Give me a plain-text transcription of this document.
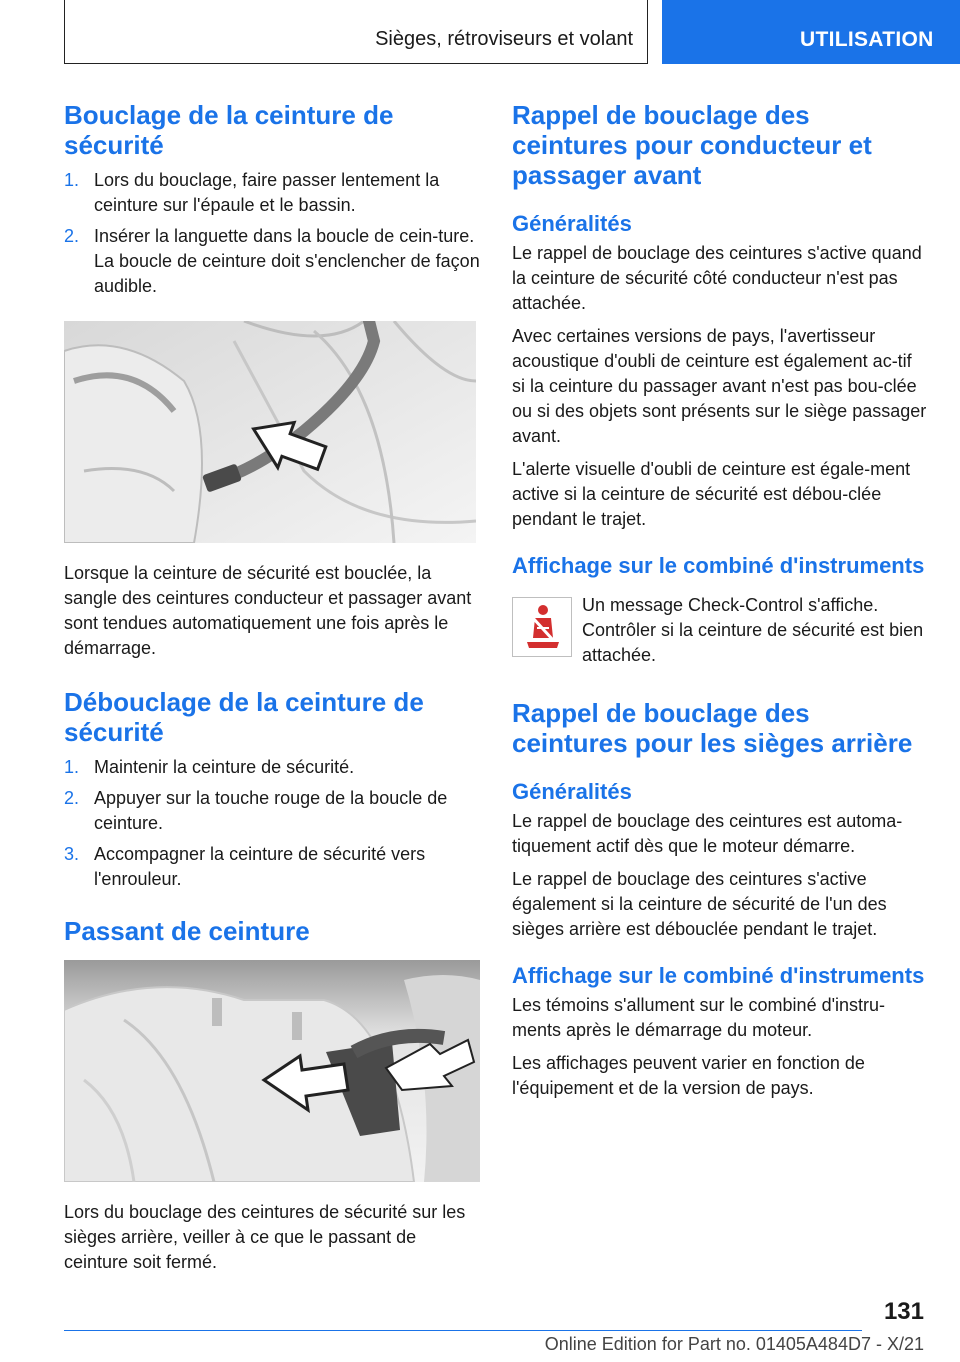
Sièges, rétroviseurs et volant	UTILISATION
Bouclage de la ceinture de sécurité
1. Lors du bouclage, faire passer lentement la ceinture sur l'épaule et le bassin.
2. Insérer la languette dans la boucle de cein‐ture. La boucle de ceinture doit s'enclencher de façon audible.

Lorsque la ceinture de sécurité est bouclée, la sangle des ceintures conducteur et passager avant sont tendues automatiquement une fois après le démarrage.

Débouclage de la ceinture de sécurité
1. Maintenir la ceinture de sécurité.
2. Appuyer sur la touche rouge de la boucle de ceinture.
3. Accompagner la ceinture de sécurité vers l'enrouleur.
Passant de ceinture

Lors du bouclage des ceintures de sécurité sur les sièges arrière, veiller à ce que le passant de ceinture soit fermé.

Rappel de bouclage des ceintures pour conducteur et passager avant
Généralités

Le rappel de bouclage des ceintures s'active quand la ceinture de sécurité côté conducteur n'est pas attachée.

Avec certaines versions de pays, l'avertisseur acoustique d'oubli de ceinture est également ac‐tif si la ceinture du passager avant n'est pas bou‐clée ou si des objets sont présents sur le siège passager avant.

L'alerte visuelle d'oubli de ceinture est égale‐ment active si la ceinture de sécurité est débou‐clée pendant le trajet.

Affichage sur le combiné d'instruments

Un message Check-Control s'affiche. Contrôler si la ceinture de sécurité est bien attachée.

Rappel de bouclage des ceintures pour les sièges arrière
Généralités

Le rappel de bouclage des ceintures est automa‐tiquement actif dès que le moteur démarre.

Le rappel de bouclage des ceintures s'active également si la ceinture de sécurité de l'un des sièges arrière est débouclée pendant le trajet.

Affichage sur le combiné d'instruments

Les témoins s'allument sur le combiné d'instru‐ments après le démarrage du moteur.

Les affichages peuvent varier en fonction de l'équipement et de la version de pays.

131
Online Edition for Part no. 01405A484D7 - X/21
